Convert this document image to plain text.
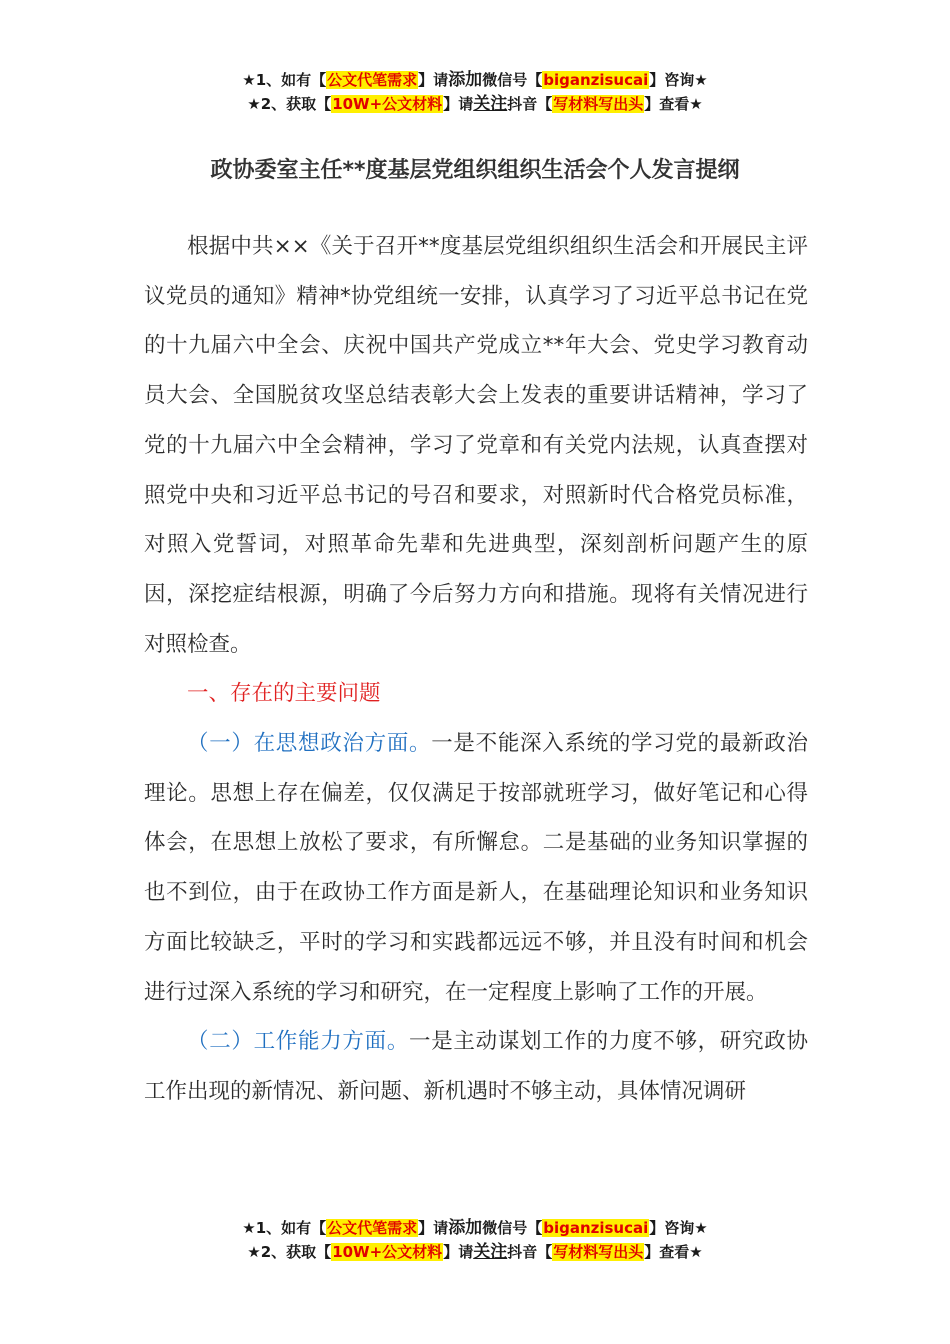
★1、如有【公文代笔需求】请添加微信号【biganzisucai】咨询★
★2、获取【10W+公文材料】请关注抖音【写材料写出头】查看★
政协委室主任**度基层党组织组织生活会个人发言提纲

根据中共××《关于召开**度基层党组织组织生活会和开展民主评议党员的通知》精神*协党组统一安排，认真学习了习近平总书记在党的十九届六中全会、庆祝中国共产党成立**年大会、党史学习教育动员大会、全国脱贫攻坚总结表彰大会上发表的重要讲话精神，学习了党的十九届六中全会精神，学习了党章和有关党内法规，认真查摆对照党中央和习近平总书记的号召和要求，对照新时代合格党员标准，对照入党誓词，对照革命先辈和先进典型，深刻剖析问题产生的原因，深挖症结根源，明确了今后努力方向和措施。现将有关情况进行对照检查。

一、存在的主要问题

（一）在思想政治方面。一是不能深入系统的学习党的最新政治理论。思想上存在偏差，仅仅满足于按部就班学习，做好笔记和心得体会，在思想上放松了要求，有所懈怠。二是基础的业务知识掌握的也不到位，由于在政协工作方面是新人，在基础理论知识和业务知识方面比较缺乏，平时的学习和实践都远远不够，并且没有时间和机会进行过深入系统的学习和研究，在一定程度上影响了工作的开展。

（二）工作能力方面。一是主动谋划工作的力度不够，研究政协工作出现的新情况、新问题、新机遇时不够主动，具体情况调研

★1、如有【公文代笔需求】请添加微信号【biganzisucai】咨询★
★2、获取【10W+公文材料】请关注抖音【写材料写出头】查看★
